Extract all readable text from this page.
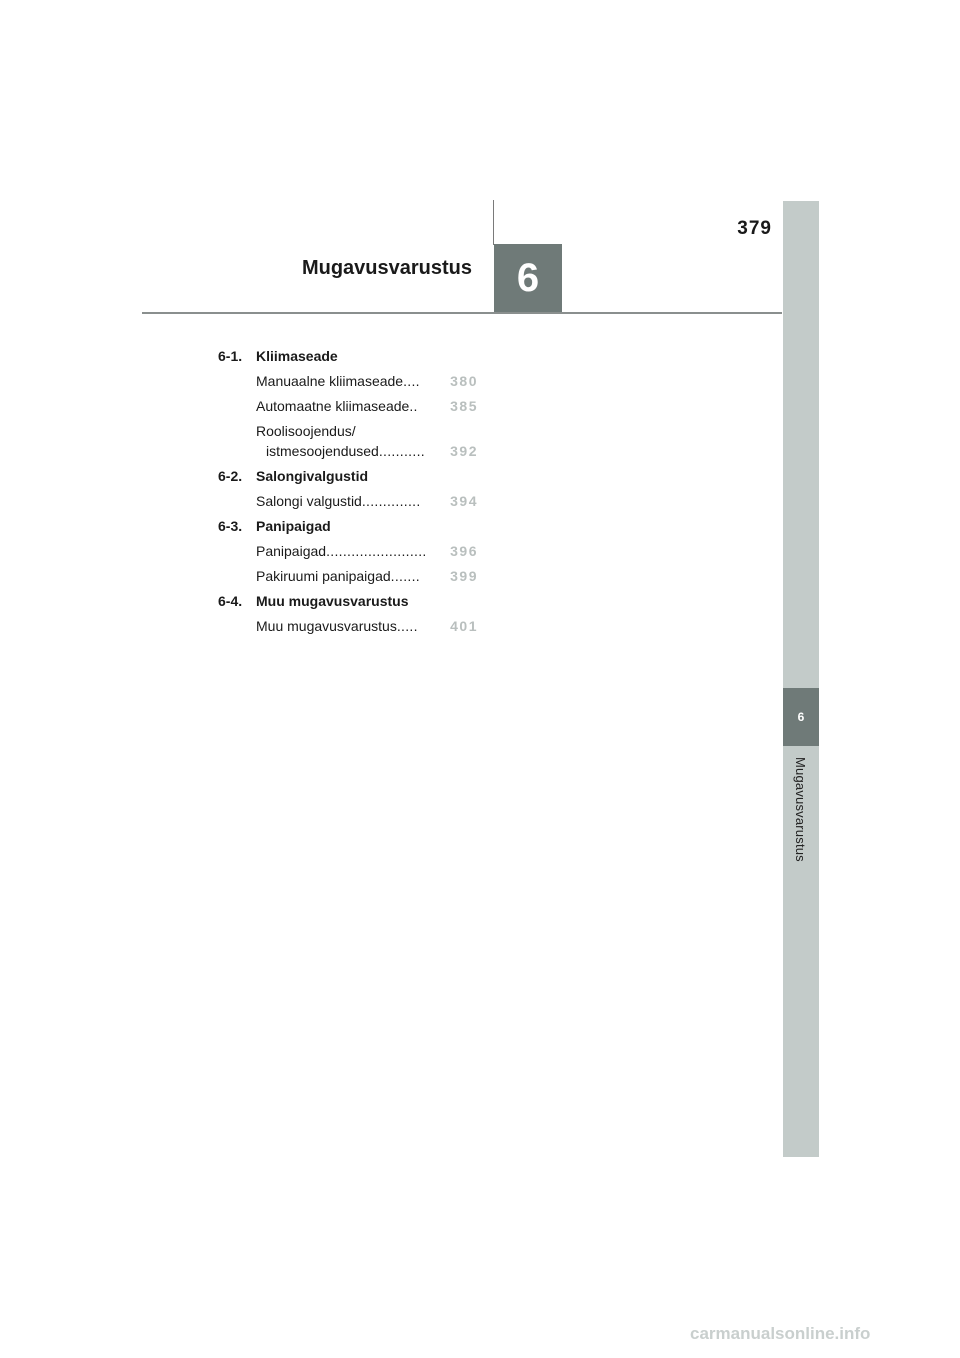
6
Mugavusvarustus
379
Mugavusvarustus	6
6-1. Kliimaseade
Manuaalne kliimaseade ....	380
Automaatne kliimaseade ..	385
Roolisoojendus/
istmesoojendused ...........	392
6-2. Salongivalgustid
Salongi valgustid ..............	394
6-3. Panipaigad
Panipaigad ........................	396
Pakiruumi panipaigad .......	399
6-4. Muu mugavusvarustus
Muu mugavusvarustus .....	401
carmanualsonline.info
